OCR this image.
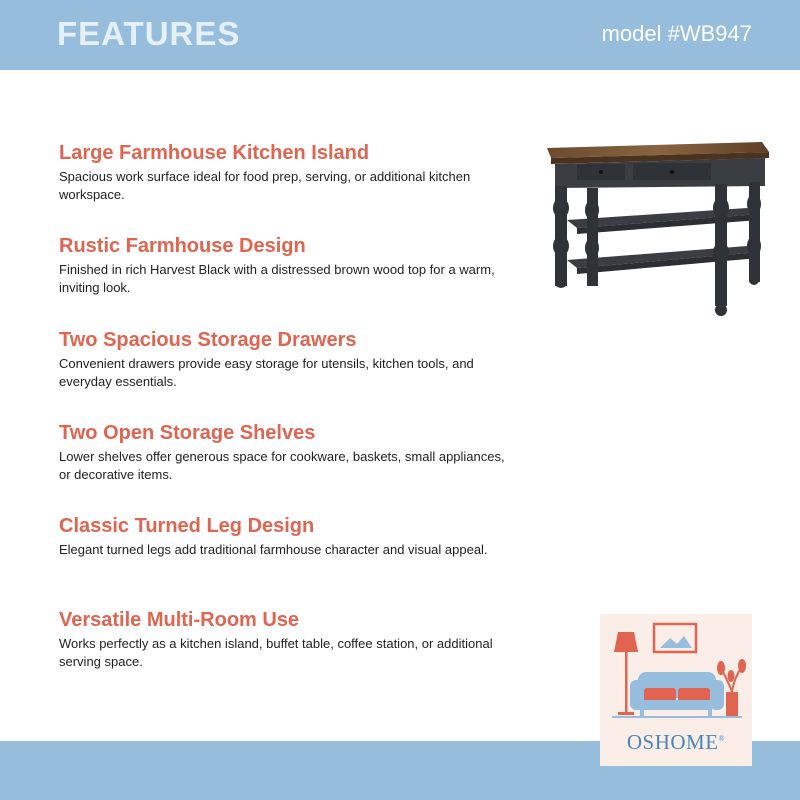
FEATURES	model #WB947
Large Farmhouse Kitchen Island

Spacious work surface ideal for food prep, serving, or additional kitchen workspace.

Rustic Farmhouse Design

Finished in rich Harvest Black with a distressed brown wood top for a warm, inviting look.

Two Spacious Storage Drawers

Convenient drawers provide easy storage for utensils, kitchen tools, and everyday essentials.

Two Open Storage Shelves

Lower shelves offer generous space for cookware, baskets, small appliances, or decorative items.

Classic Turned Leg Design

Elegant turned legs add traditional farmhouse character and visual appeal.

Versatile Multi-Room Use

Works perfectly as a kitchen island, buffet table, coffee station, or additional serving space.

OSHOME®
